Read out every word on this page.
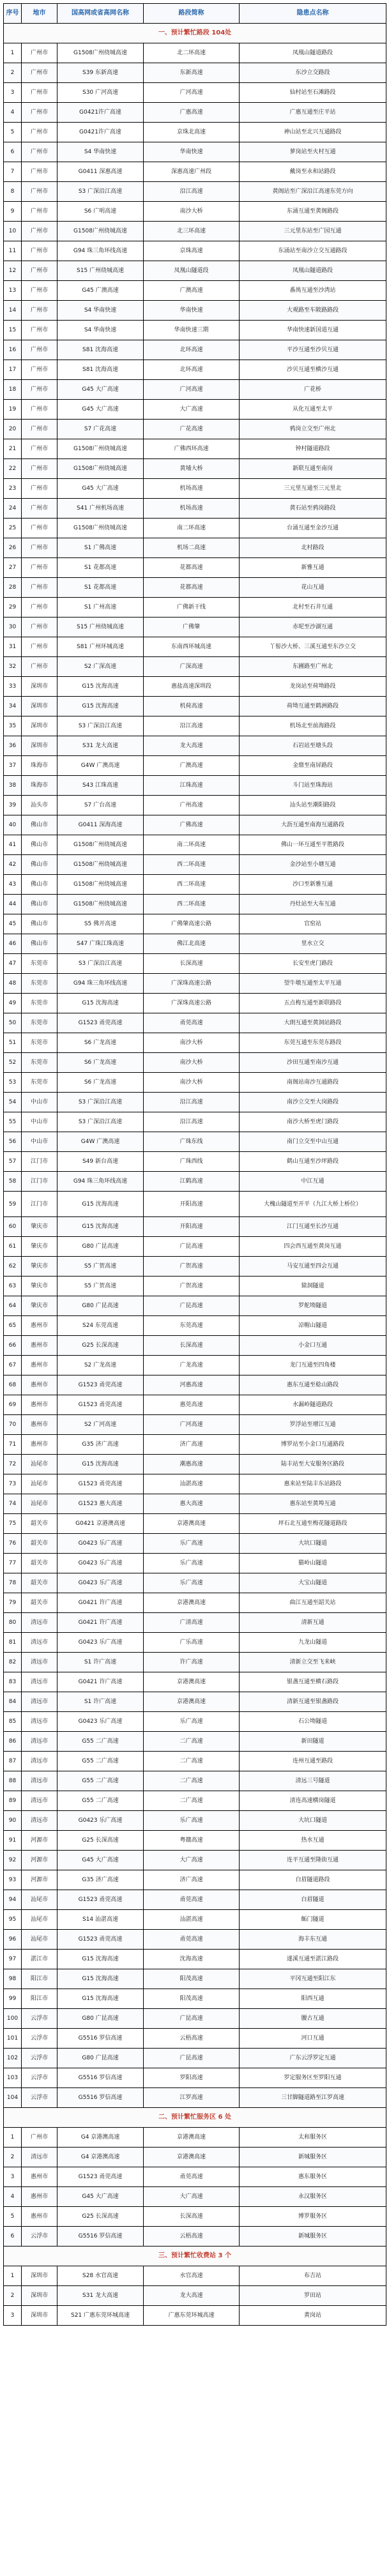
序号	地市	国高网或省高网名称	路段简称	隐患点名称
一、预计繁忙路段 104处
1	广州市	G1508广州绕城高速	北二环高速	凤凰山隧道路段
2	广州市	S39 东新高速	东新高速	东沙立交路段
3	广州市	S30 广河高速	广河高速	仙村站至石滩路段
4	广州市	G0421许广高速	广惠高速	广惠互通至庄平站
5	广州市	G0421许广高速	京珠北高速	神山站至北兴互通路段
6	广州市	S4 华南快速	华南快速	萝岗站至火村互通
7	广州市	G0411 深惠高速	深惠高速广州段	戴岗至永和站路段
8	广州市	S3 广深沿江高速	沿江高速	黄阁站至广深沿江高速东莞方向
9	广州市	S6 广明高速	南沙大桥	东涌互通至黄阁路段
10	广州市	G1508广州绕城高速	北三环高速	三元里东站至广园互通
11	广州市	G94 珠三角环线高速	京珠高速	东涌站至南沙立交互通路段
12	广州市	S15 广州绕城高速	凤凰山隧道段	凤凰山隧道路段
13	广州市	G45 广澳高速	广澳高速	番禺互通至沙湾站
14	广州市	S4 华南快速	华南快速	大观路至车陂路路段
15	广州市	S4 华南快速	华南快速三期	华南快速新国道互通
16	广州市	S81 沈海高速	北环高速	平沙互通至沙贝互通
17	广州市	S81 沈海高速	北环高速	沙贝互通至横沙互通
18	广州市	G45 大广高速	广河高速	广花桥
19	广州市	G45 大广高速	大广高速	从化互通至太平
20	广州市	S7 广花高速	广花高速	鸦岗立交至广州北
21	广州市	G1508广州绕城高速	广佛西环高速	钟村隧道路段
22	广州市	G1508广州绕城高速	黄埔大桥	新联互通至南岗
23	广州市	G45 大广高速	机场高速	三元里互通至三元里北
24	广州市	S41 广州机场高速	机场高速	黄石站至鸦岗路段
25	广州市	G1508广州绕城高速	南二环高速	台涌互通至金沙互通
26	广州市	S1 广佛高速	机场二高速	北村路段
27	广州市	S1 花都高速	花都高速	新雅互通
28	广州市	S1 花都高速	花都高速	花山互通
29	广州市	S1 广州高速	广佛新干线	北村至石井互通
30	广州市	S15 广州绕城高速	广佛肇	赤坭至沙湖互通
31	广州市	S81 广州环城高速	东南西环城高速	丫髻沙大桥、三溪互通至东沙立交
32	广州市	S2 广深高速	广深高速	东圃路至广州北
33	深圳市	G15 沈海高速	惠盐高速深圳段	龙岗站至荷坳路段
34	深圳市	G15 沈海高速	机荷高速	荷坳互通至鹤洲路段
35	深圳市	S3 广深沿江高速	沿江高速	机场北至前海路段
36	深圳市	S31 龙大高速	龙大高速	石岩站至塘头段
37	珠海市	G4W 广澳高速	广澳高速	金鼎至南屏路段
38	珠海市	S43 江珠高速	江珠高速	斗门站至珠海站
39	汕头市	S7 广台高速	广州高速	汕头站至潮阳路段
40	佛山市	G0411 深海高速	广佛高速	大沥互通至南海互通路段
41	佛山市	G1508广州绕城高速	南二环高速	佛山一环互通至平胜路段
42	佛山市	G1508广州绕城高速	西二环高速	金沙站至小塘互通
43	佛山市	G1508广州绕城高速	西二环高速	沙口至新雅互通
44	佛山市	G1508广州绕城高速	西二环高速	丹灶站至大布互通
45	佛山市	S5 佛开高速	广佛肇高速公路	官窑站
46	佛山市	S47 广珠江珠高速	佛江北高速	里水立交
47	东莞市	S3 广深沿江高速	长深高速	长安至虎门路段
48	东莞市	G94 珠三角环线高速	广深珠高速公路	望牛墩互通至太平互通
49	东莞市	G15 沈海高速	广深珠高速公路	五点梅互通至新联路段
50	东莞市	G1523 甬莞高速	甬莞高速	大朗互通至黄洞站路段
51	东莞市	S6 广龙高速	南沙大桥	东莞互通至东莞东路段
52	东莞市	S6 广龙高速	南沙大桥	沙田互通至南沙互通
53	东莞市	S6 广龙高速	南沙大桥	南阁站南沙互通路段
54	中山市	S3 广深沿江高速	沿江高速	南沙立交至大岗路段
55	中山市	S3 广深沿江高速	沿江高速	南沙大桥至虎门路段
56	中山市	G4W 广澳高速	广珠东线	南门立交至中山互通
57	江门市	S49 新台高速	广珠西线	鹤山互通至沙坪路段
58	江门市	G94 珠三角环线高速	江鹤高速	中江互通
59	江门市	G15 沈海高速	开阳高速	大槐山隧道至开平（九江大桥上桥位）
60	肇庆市	G15 沈海高速	开阳高速	江门互通至长沙互通
61	肇庆市	G80 广昆高速	广昆高速	四会西互通至黄岗互通
62	肇庆市	S5 广贺高速	广贺高速	马安互通至四会互通
63	肇庆市	S5 广贺高速	广贺高速	猿洞隧道
64	肇庆市	G80 广昆高速	广昆高速	罗舵坳隧道
65	惠州市	S24 东莞高速	东莞高速	凉帽山隧道
66	惠州市	G25 长深高速	长深高速	小金口互通
67	惠州市	S2 广龙高速	广龙高速	龙门互通至四角楼
68	惠州市	G1523 甬莞高速	河惠高速	惠东互通至稔山路段
69	惠州市	G1523 甬莞高速	惠莞高速	水漏岭隧道路段
70	惠州市	S2 广河高速	广河高速	罗浮站至增江互通
71	惠州市	G35 济广高速	济广高速	博罗站至小金口互通路段
72	汕尾市	G15 沈海高速	潮惠高速	陆丰站至大安服务区路段
73	汕尾市	G1523 甬莞高速	汕湛高速	惠来站至陆丰东站路段
74	汕尾市	G1523 惠大高速	惠大高速	惠东站至黄埠互通
75	韶关市	G0421 京港澳高速	京港澳高速	坪石北互通至梅花隧道路段
76	韶关市	G0423 乐广高速	乐广高速	大坑口隧道
77	韶关市	G0423 乐广高速	乐广高速	猫岭山隧道
78	韶关市	G0423 乐广高速	乐广高速	大宝山隧道
79	韶关市	G0421 许广高速	京港澳高速	曲江互通至韶关站
80	清远市	G0421 许广高速	广清高速	清新互通
81	清远市	G0423 乐广高速	广乐高速	九龙山隧道
82	清远市	S1 许广高速	许广高速	清新立交至飞来峡
83	清远市	G0421 许广高速	京港澳高速	银盏互通至横石路段
84	清远市	S1 许广高速	京港澳高速	清新互通至银盏路段
85	清远市	G0423 乐广高速	乐广高速	石公坳隧道
86	清远市	G55 二广高速	二广高速	新田隧道
87	清远市	G55 二广高速	二广高速	连州互通至路段
88	清远市	G55 二广高速	二广高速	清远三号隧道
89	清远市	G55 二广高速	二广高速	清连高速横岗隧道
90	清远市	G0423 乐广高速	乐广高速	大坑口隧道
91	河源市	G25 长深高速	粤赣高速	热水互通
92	河源市	G45 大广高速	大广高速	连平互通至隆街互通
93	河源市	G35 济广高速	济广高速	白眉隧道路段
94	汕尾市	G1523 甬莞高速	甬莞高速	白眉隧道
95	汕尾市	S14 汕湛高速	汕湛高速	鲘门隧道
96	汕尾市	G1523 甬莞高速	甬莞高速	海丰东互通
97	湛江市	G15 沈海高速	沈海高速	遂溪互通至湛江路段
98	阳江市	G15 沈海高速	阳茂高速	平冈互通至阳江东
99	阳江市	G15 沈海高速	阳茂高速	阳西互通
100	云浮市	G80 广昆高速	广昆高速	腰古互通
101	云浮市	G5516 罗信高速	云梧高速	河口互通
102	云浮市	G80 广昆高速	广昆高速	广东云浮罗定互通
103	云浮市	G5516 罗信高速	罗阳高速	罗定服务区至罗阳互通
104	云浮市	G5516 罗信高速	江罗高速	三甘脚隧道路至江罗高速
二、预计繁忙服务区 6 处
1	广州市	G4 京港澳高速	京港澳高速	太和服务区
2	清远市	G4 京港澳高速	京港澳高速	新城服务区
3	惠州市	G1523 甬莞高速	甬莞高速	惠东服务区
4	惠州市	G45 大广高速	大广高速	永汉服务区
5	惠州市	G25 长深高速	长深高速	博罗服务区
6	云浮市	G5516 罗信高速	云梧高速	新城服务区
三、预计繁忙收费站 3 个
1	深圳市	S28 水官高速	水官高速	布吉站
2	深圳市	S31 龙大高速	龙大高速	罗田站
3	深圳市	S21 广惠东莞环城高速	广惠东莞环城高速	黄岗站
